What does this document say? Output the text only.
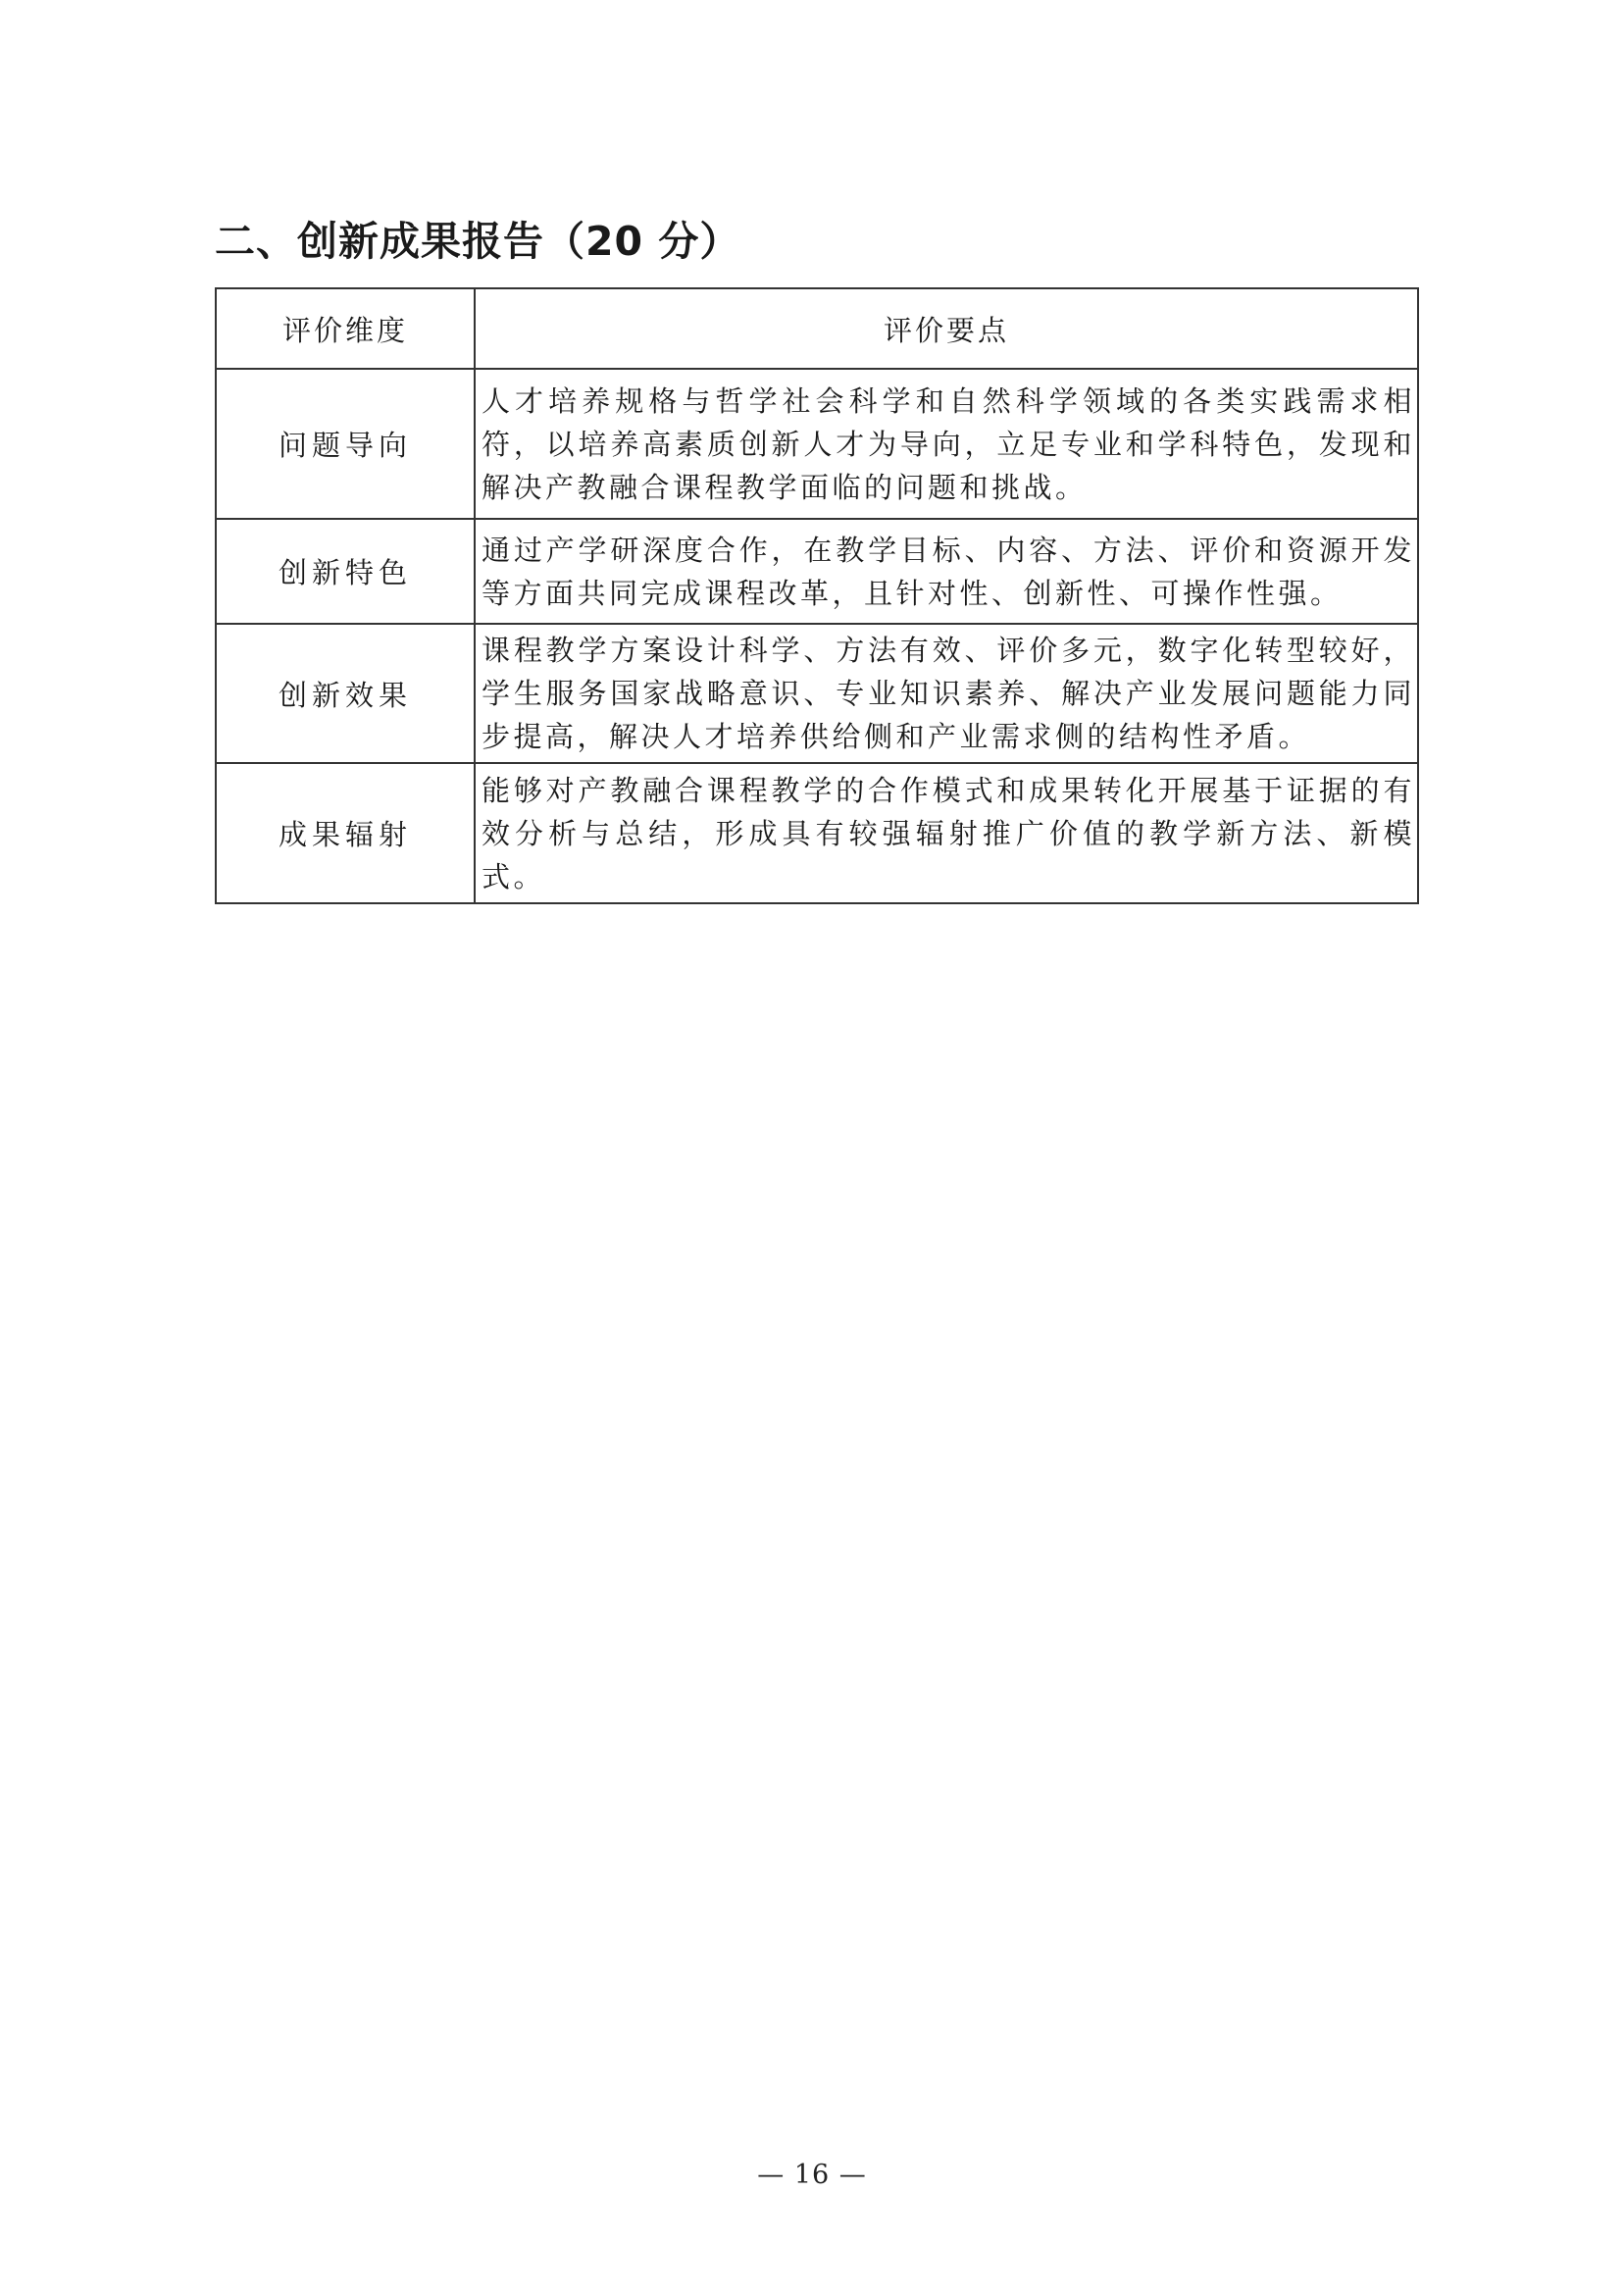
二、创新成果报告（20 分）
评价维度	评价要点
问题导向	人才培养规格与哲学社会科学和自然科学领域的各类实践需求相符，以培养高素质创新人才为导向，立足专业和学科特色，发现和解决产教融合课程教学面临的问题和挑战。
创新特色	通过产学研深度合作，在教学目标、内容、方法、评价和资源开发等方面共同完成课程改革，且针对性、创新性、可操作性强。
创新效果	课程教学方案设计科学、方法有效、评价多元，数字化转型较好，学生服务国家战略意识、专业知识素养、解决产业发展问题能力同步提高，解决人才培养供给侧和产业需求侧的结构性矛盾。
成果辐射	能够对产教融合课程教学的合作模式和成果转化开展基于证据的有效分析与总结，形成具有较强辐射推广价值的教学新方法、新模式。
— 16 —
